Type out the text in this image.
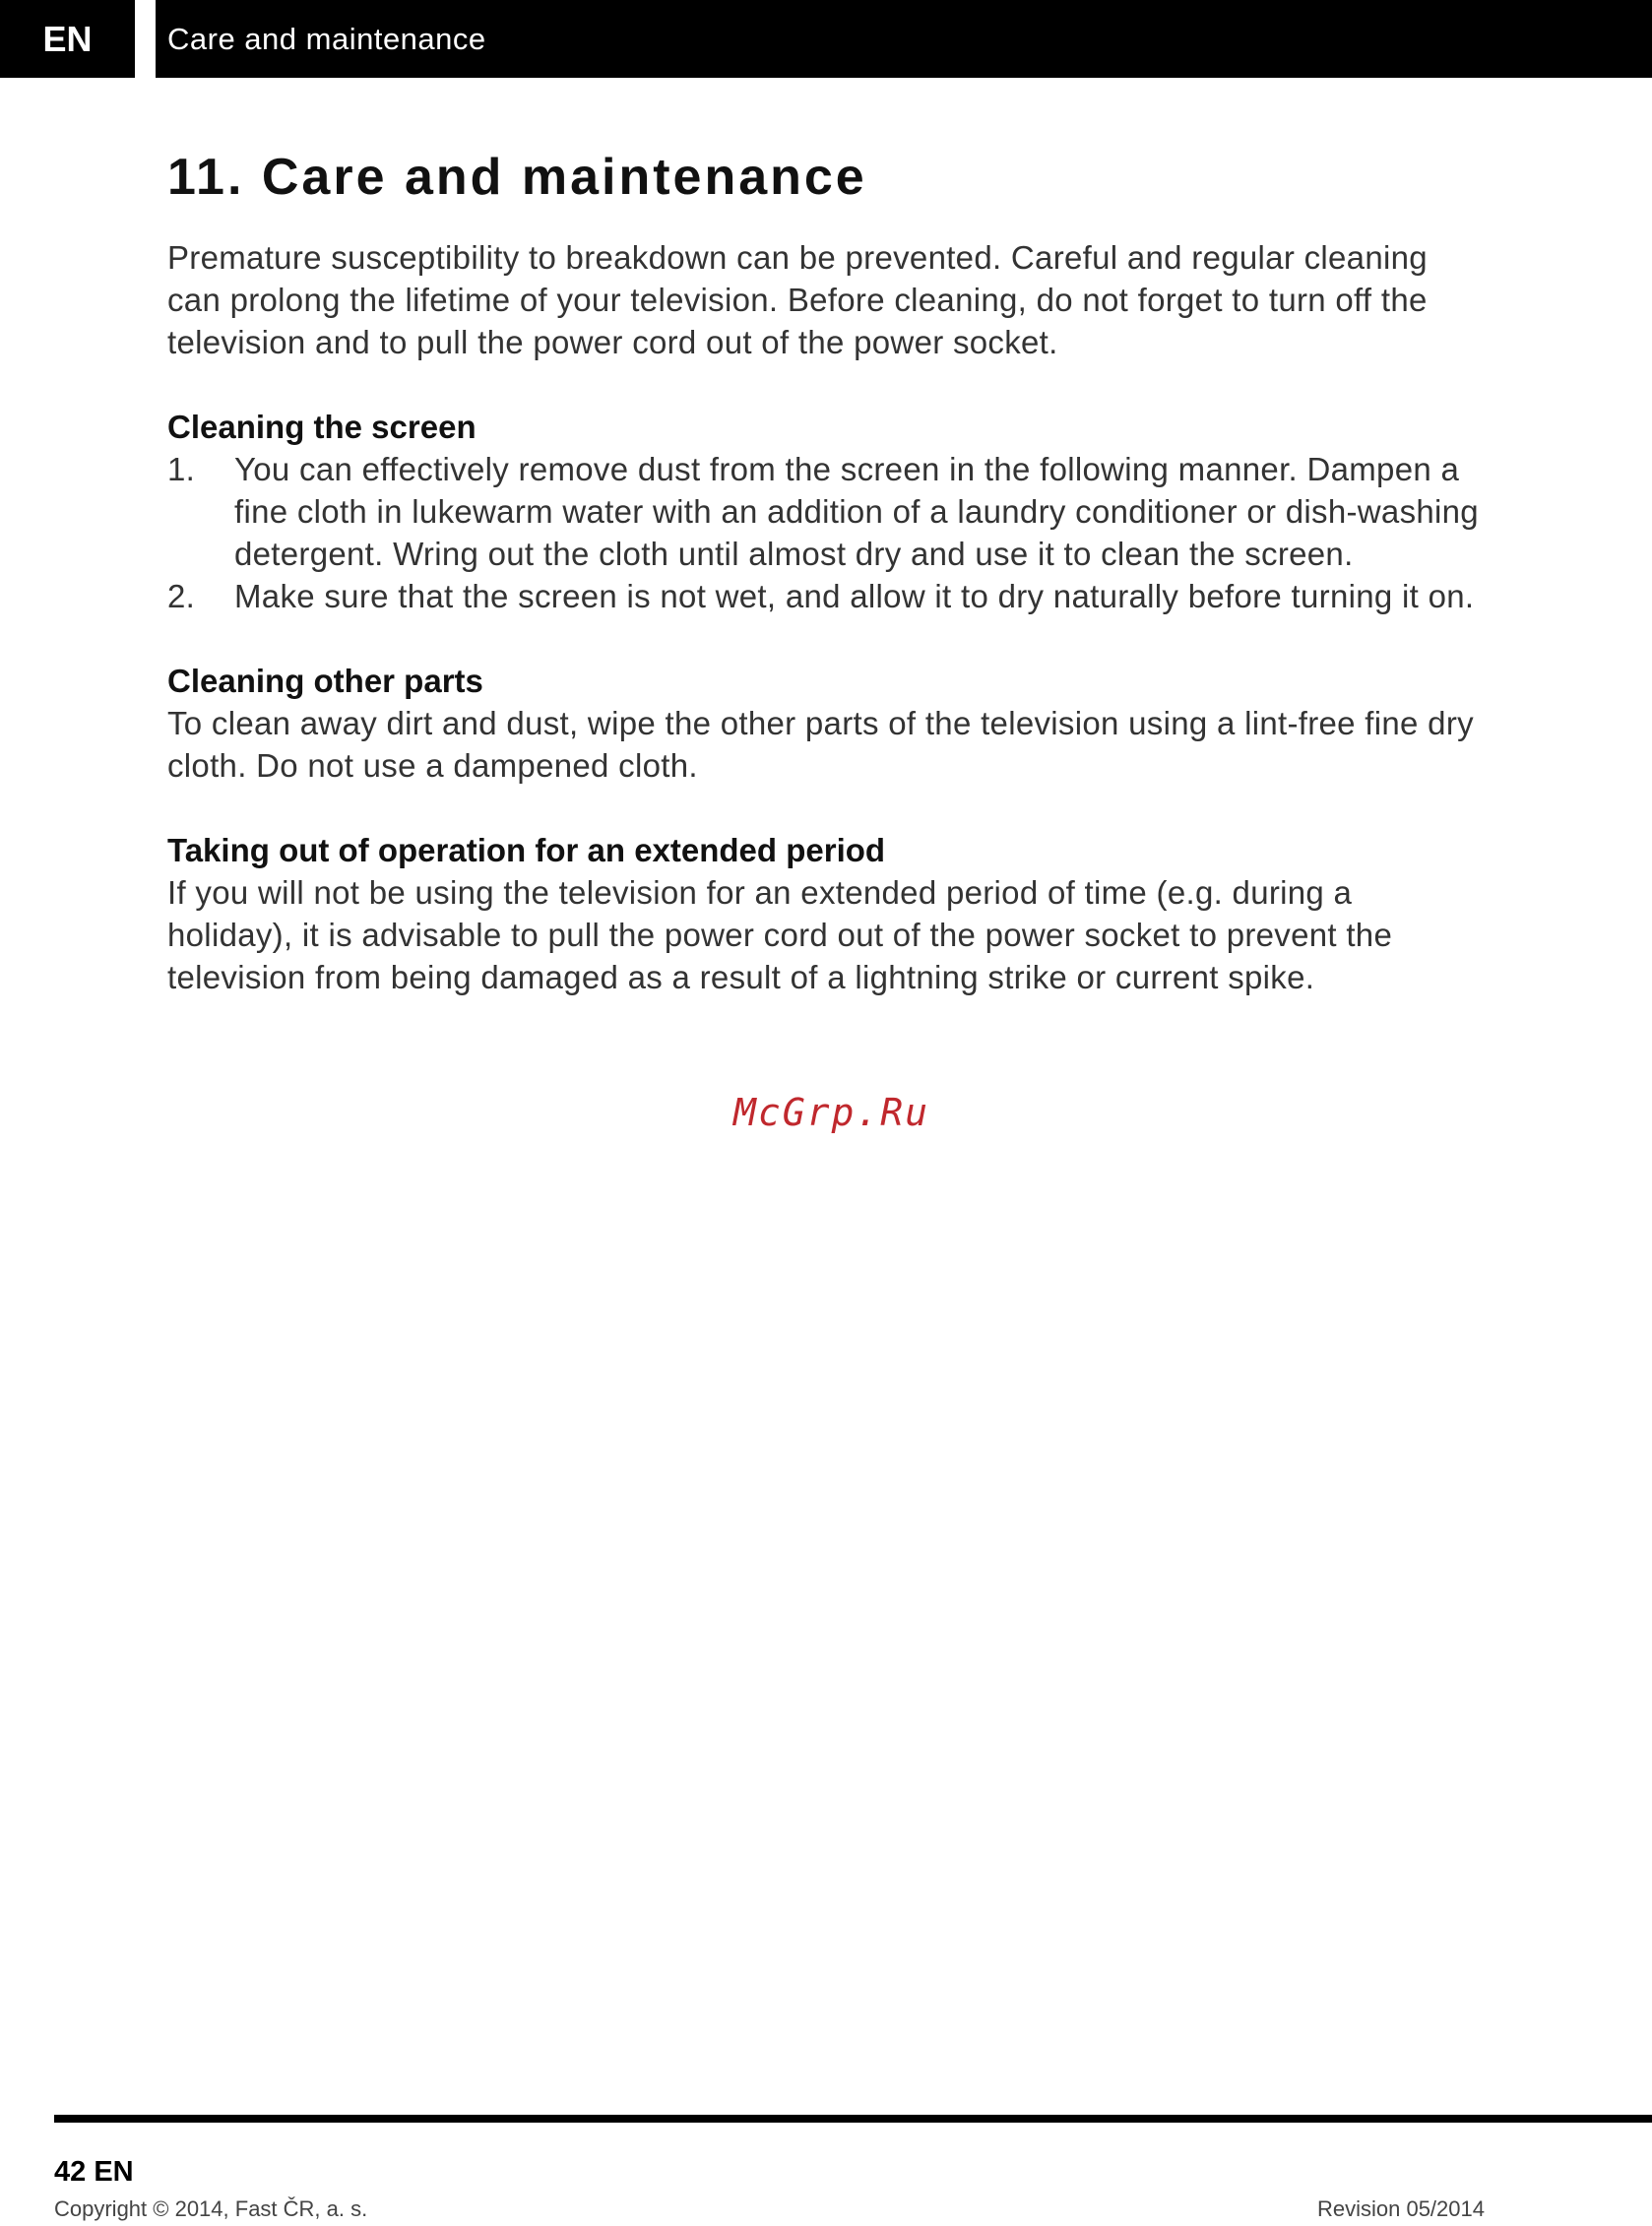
EN	Care and maintenance
11. Care and maintenance

Premature susceptibility to breakdown can be prevented. Careful and regular cleaning can prolong the lifetime of your television. Before cleaning, do not forget to turn off the television and to pull the power cord out of the power socket.

Cleaning the screen
1.	You can effectively remove dust from the screen in the following manner. Dampen a fine cloth in lukewarm water with an addition of a laundry conditioner or dish-washing detergent. Wring out the cloth until almost dry and use it to clean the screen.
2.	Make sure that the screen is not wet, and allow it to dry naturally before turning it on.
Cleaning other parts

To clean away dirt and dust, wipe the other parts of the television using a lint-free fine dry cloth. Do not use a dampened cloth.

Taking out of operation for an extended period

If you will not be using the television for an extended period of time (e.g. during a holiday), it is advisable to pull the power cord out of the power socket to prevent the television from being damaged as a result of a lightning strike or current spike.

McGrp.Ru
42 EN
Copyright © 2014, Fast ČR, a. s.	Revision 05/2014
